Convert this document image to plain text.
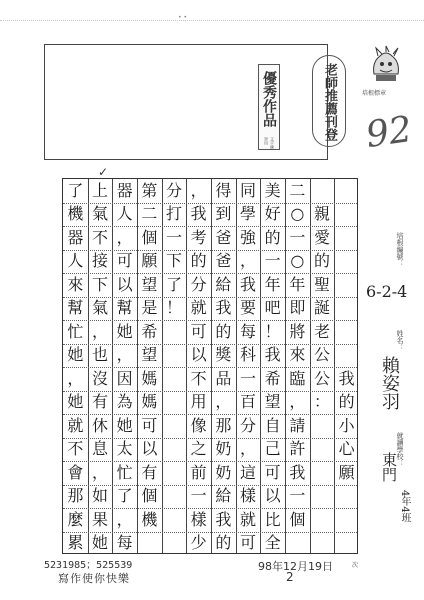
• •
優秀作品
文字練習用	老師推薦刊登	培根標章
92
培根編號：
6-2-4
姓名：
賴姿羽
就讀學校：
東門
4年4班
✓
我
的
小
心
願
親
愛
的
聖
誕
老
公
公
：
二
○
一
○
年
即
將
來
臨
，
請
許
我
一
個
美
好
的
一
年
吧
！
我
希
望
自
己
可
以
比
全
同
學
強
，
我
要
每
科
一
百
分
，
這
樣
就
可
得
到
爸
爸
給
我
的
獎
品
，
那
奶
奶
給
我
的
，
我
考
的
分
就
可
以
不
用
像
之
前
一
樣
少
分
打
一
下
了
！
第
二
個
願
望
是
希
望
媽
媽
可
以
有
個
機
器
人
，
可
以
幫
她
，
因
為
她
太
忙
了
，
每
上
氣
不
接
下
氣
，
也
沒
有
休
息
，
如
果
她
了
機
器
人
來
幫
忙
她
，
她
就
不
會
那
麼
累
5231985；525539
寫作使你快樂
98年12月19日
2
次
